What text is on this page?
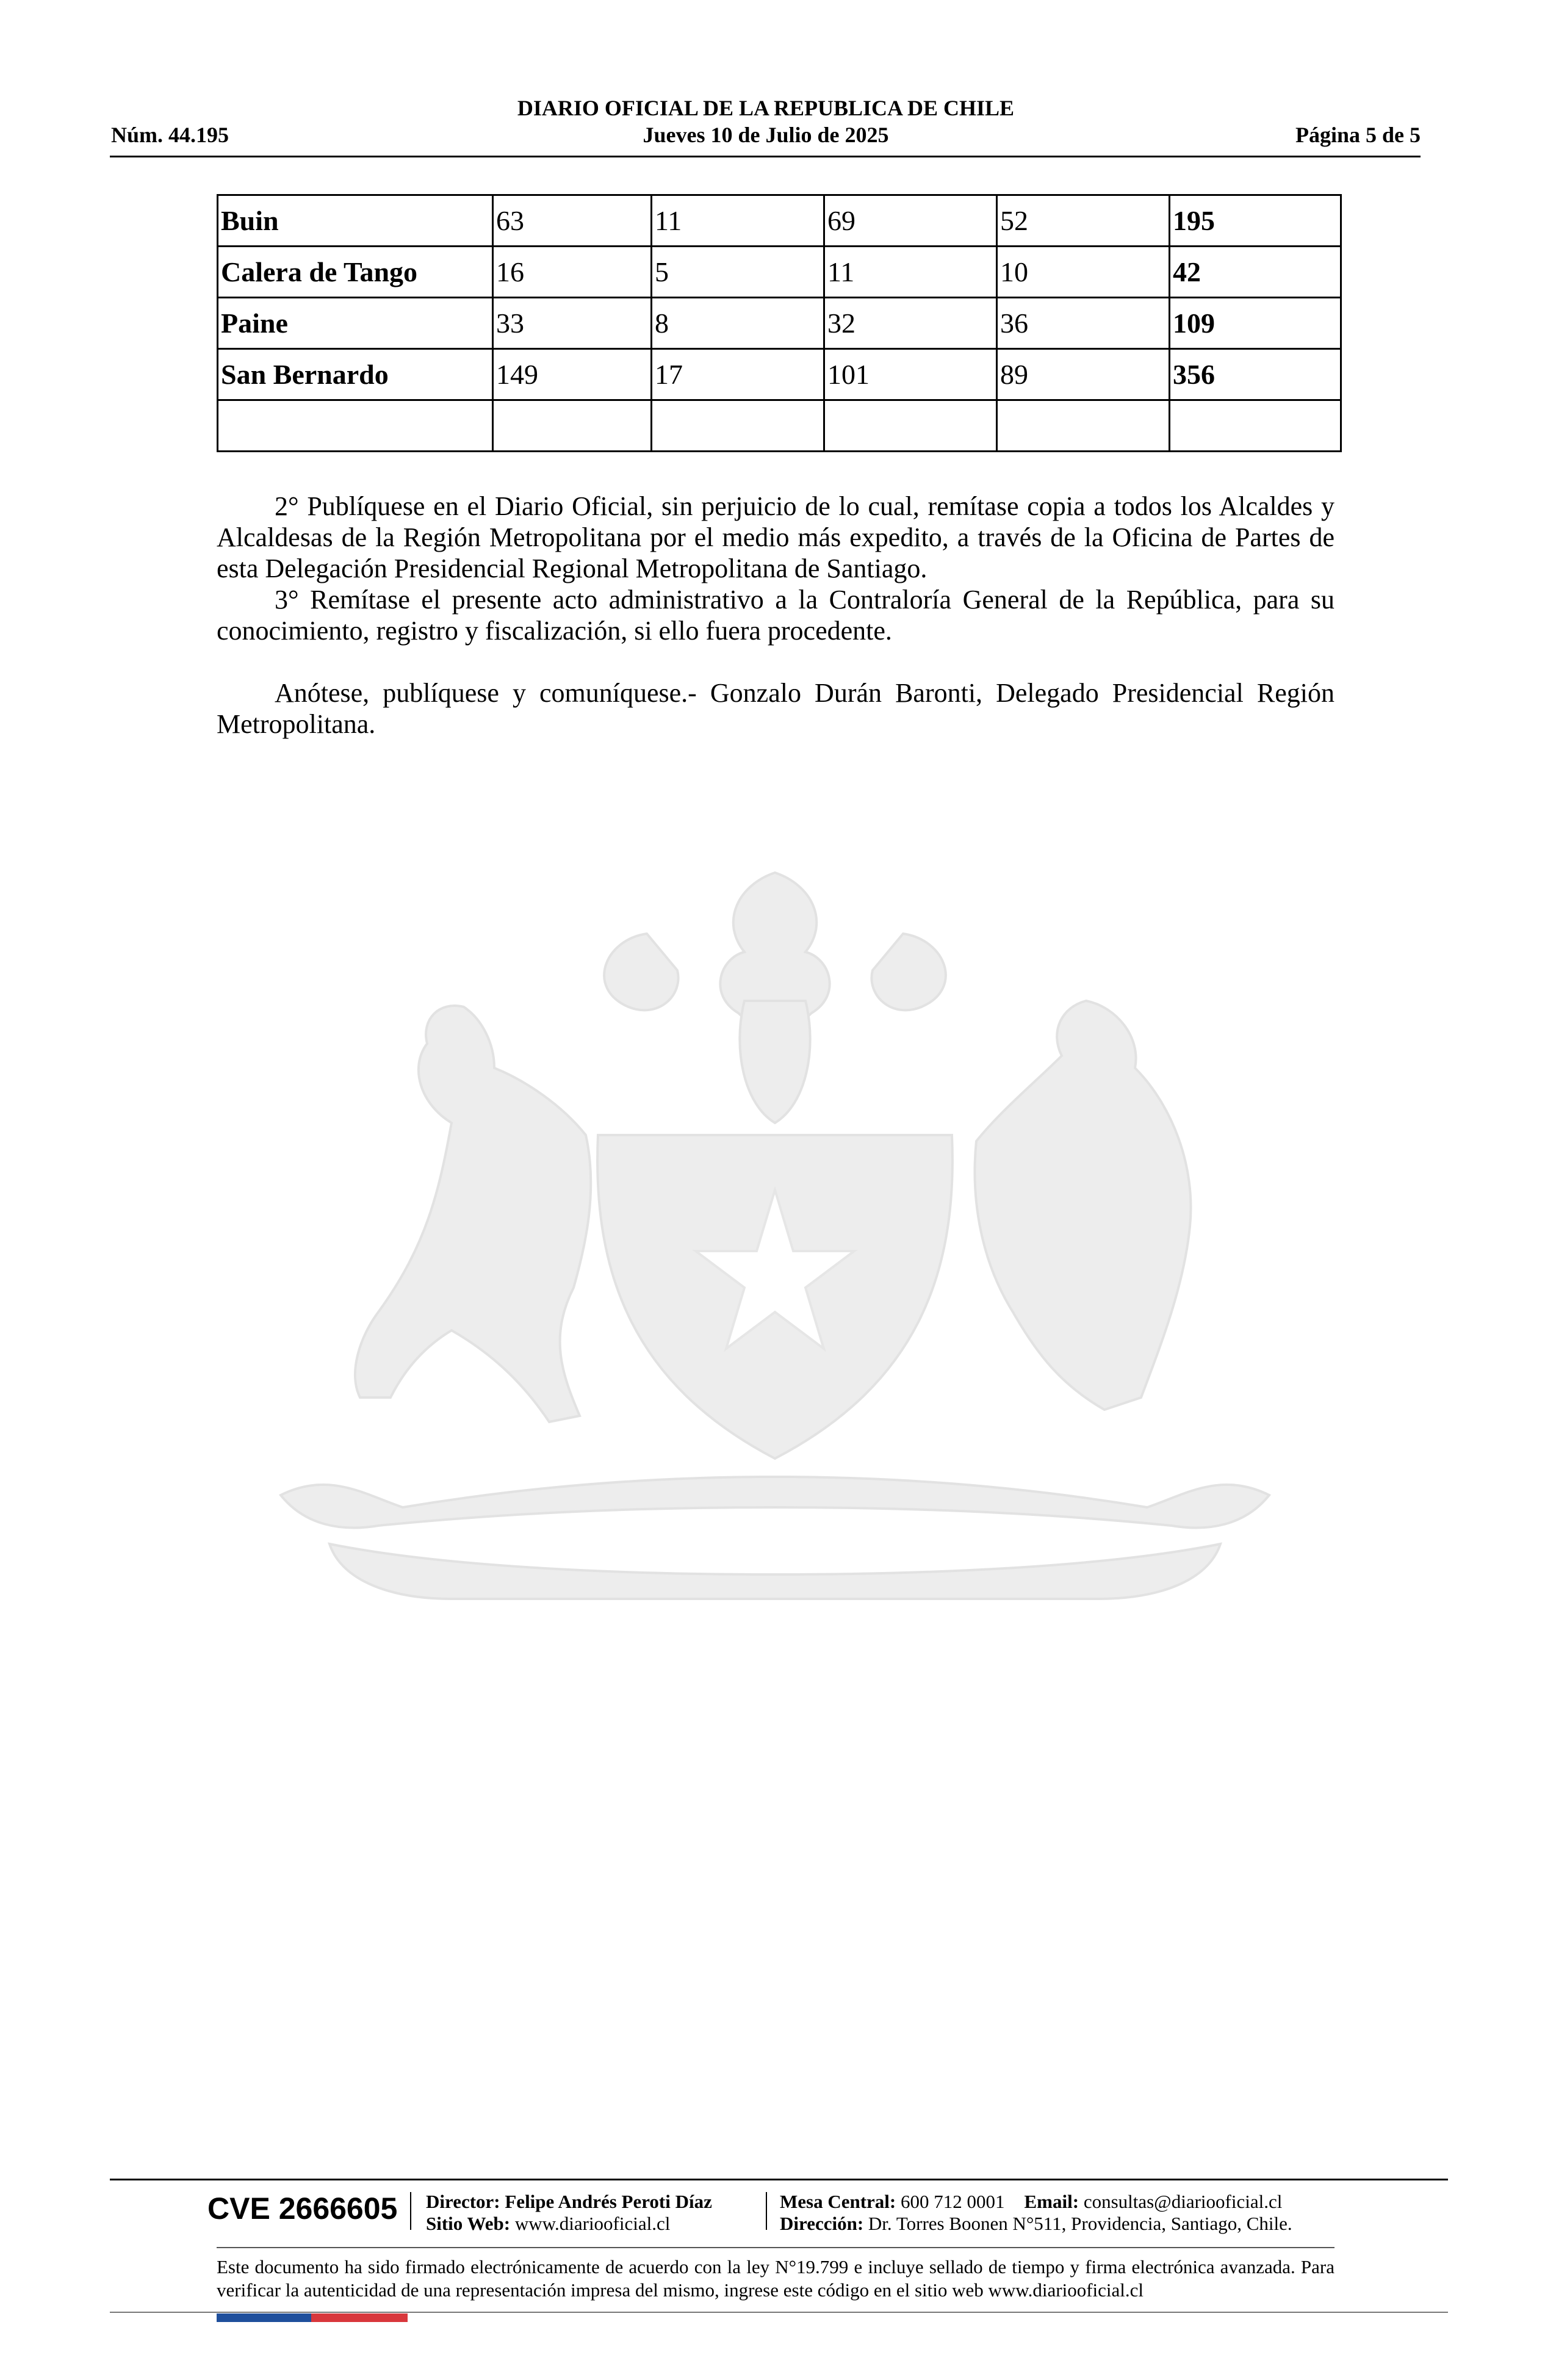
DIARIO OFICIAL DE LA REPUBLICA DE CHILE
Núm. 44.195	Jueves 10 de Julio de 2025	Página 5 de 5
Buin	63	11	69	52	195
Calera de Tango	16	5	11	10	42
Paine	33	8	32	36	109
San Bernardo	149	17	101	89	356

2° Publíquese en el Diario Oficial, sin perjuicio de lo cual, remítase copia a todos los Alcaldes y Alcaldesas de la Región Metropolitana por el medio más expedito, a través de la Oficina de Partes de esta Delegación Presidencial Regional Metropolitana de Santiago.
3° Remítase el presente acto administrativo a la Contraloría General de la República, para su conocimiento, registro y fiscalización, si ello fuera procedente.
Anótese, publíquese y comuníquese.- Gonzalo Durán Baronti, Delegado Presidencial Región Metropolitana.
CVE 2666605 Director: Felipe Andrés Peroti Díaz
Sitio Web: www.diariooficial.cl
Mesa Central: 600 712 0001 Email: consultas@diariooficial.cl
Dirección: Dr. Torres Boonen N°511, Providencia, Santiago, Chile.
Este documento ha sido firmado electrónicamente de acuerdo con la ley N°19.799 e incluye sellado de tiempo y firma electrónica avanzada. Para verificar la autenticidad de una representación impresa del mismo, ingrese este código en el sitio web www.diariooficial.cl
